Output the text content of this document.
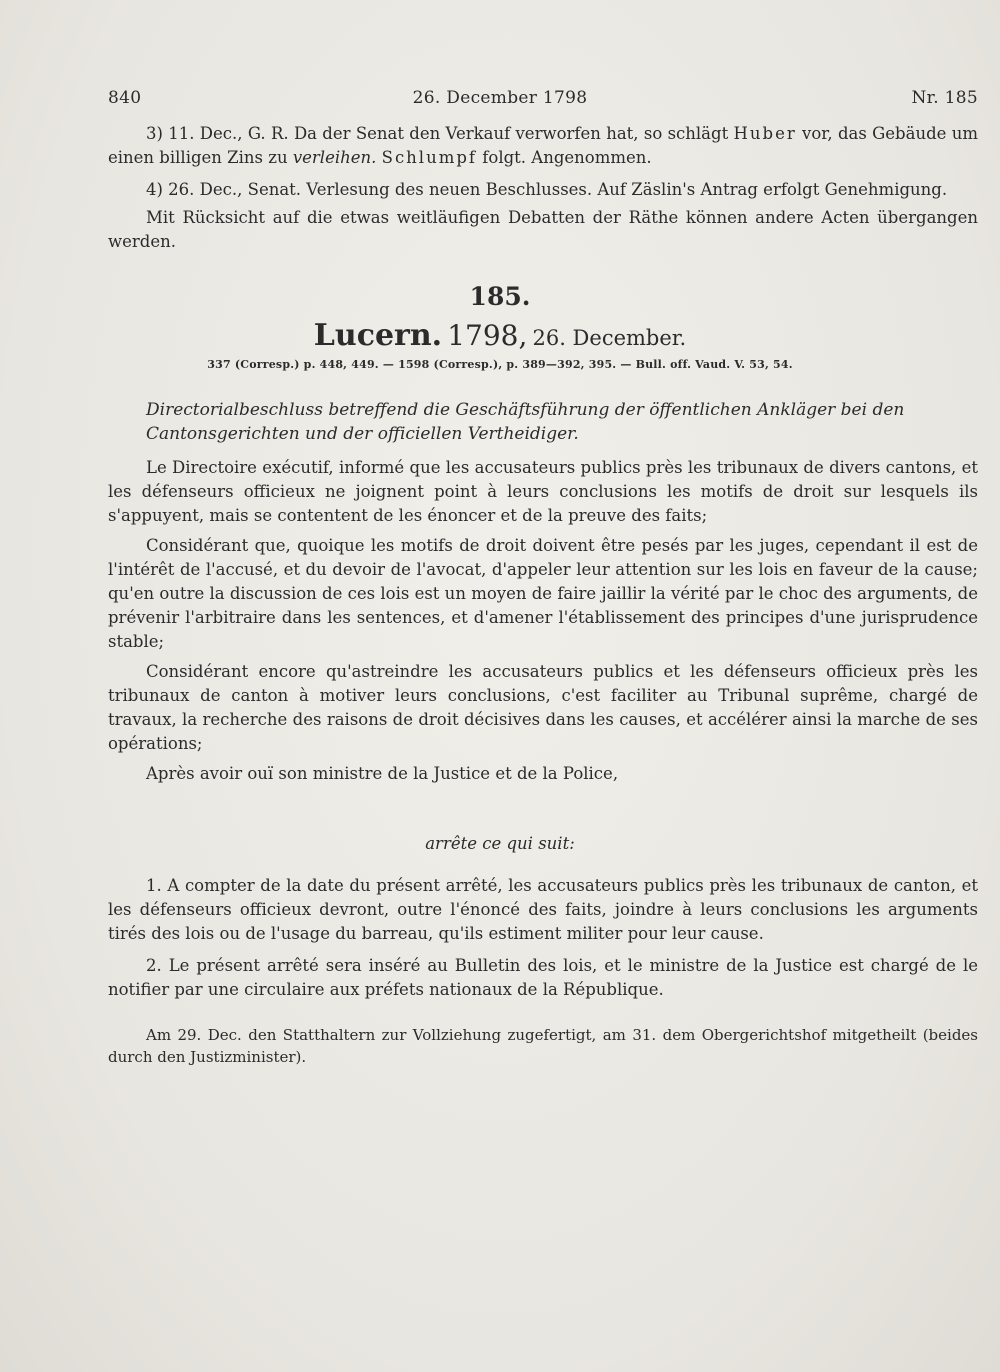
840	26. December 1798	Nr. 185

3) 11. Dec., G. R. Da der Senat den Verkauf verworfen hat, so schlägt Huber vor, das Gebäude um einen billigen Zins zu verleihen. Schlumpf folgt. Angenommen.

4) 26. Dec., Senat. Verlesung des neuen Beschlusses. Auf Zäslin's Antrag erfolgt Genehmigung.

Mit Rücksicht auf die etwas weitläufigen Debatten der Räthe können andere Acten übergangen werden.

185.
Lucern. 1798, 26. December.
337 (Corresp.) p. 448, 449. — 1598 (Corresp.), p. 389—392, 395. — Bull. off. Vaud. V. 53, 54.
Directorialbeschluss betreffend die Geschäftsführung der öffentlichen Ankläger bei den Cantonsgerichten und der officiellen Vertheidiger.

Le Directoire exécutif, informé que les accusateurs publics près les tribunaux de divers cantons, et les défenseurs officieux ne joignent point à leurs conclusions les motifs de droit sur lesquels ils s'appuyent, mais se contentent de les énoncer et de la preuve des faits;

Considérant que, quoique les motifs de droit doivent être pesés par les juges, cependant il est de l'intérêt de l'accusé, et du devoir de l'avocat, d'appeler leur attention sur les lois en faveur de la cause; qu'en outre la discussion de ces lois est un moyen de faire jaillir la vérité par le choc des arguments, de prévenir l'arbitraire dans les sentences, et d'amener l'établissement des principes d'une jurisprudence stable;

Considérant encore qu'astreindre les accusateurs publics et les défenseurs officieux près les tribunaux de canton à motiver leurs conclusions, c'est faciliter au Tribunal suprême, chargé de travaux, la recherche des raisons de droit décisives dans les causes, et accélérer ainsi la marche de ses opérations;

Après avoir ouï son ministre de la Justice et de la Police,

arrête ce qui suit:

1. A compter de la date du présent arrêté, les accusateurs publics près les tribunaux de canton, et les défenseurs officieux devront, outre l'énoncé des faits, joindre à leurs conclusions les arguments tirés des lois ou de l'usage du barreau, qu'ils estiment militer pour leur cause.

2. Le présent arrêté sera inséré au Bulletin des lois, et le ministre de la Justice est chargé de le notifier par une circulaire aux préfets nationaux de la République.

Am 29. Dec. den Statthaltern zur Vollziehung zugefertigt, am 31. dem Obergerichtshof mitgetheilt (beides durch den Justizminister).
